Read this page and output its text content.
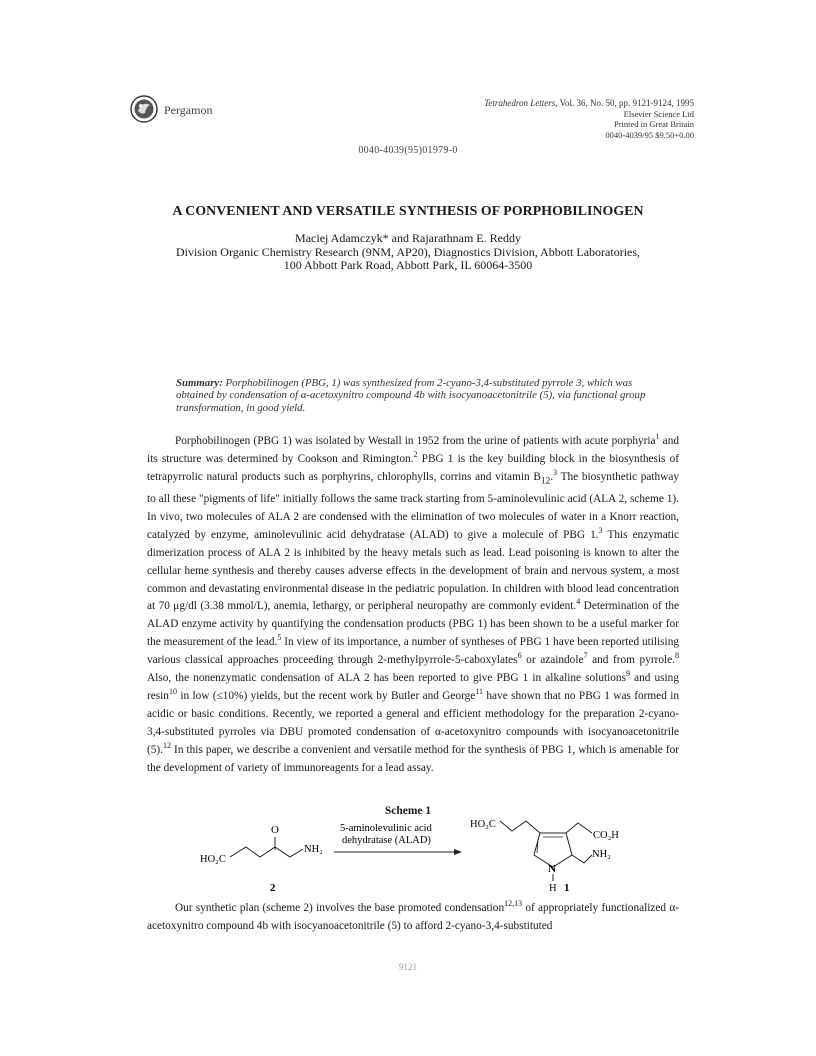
Pergamon	Tetrahedron Letters, Vol. 36, No. 50, pp. 9121-9124, 1995
Elsevier Science Ltd
Printed in Great Britain
0040-4039/95 $9.50+0.00
0040-4039(95)01979-0
A CONVENIENT AND VERSATILE SYNTHESIS OF PORPHOBILINOGEN
Maciej Adamczyk* and Rajarathnam E. Reddy
Division Organic Chemistry Research (9NM, AP20), Diagnostics Division, Abbott Laboratories,
100 Abbott Park Road, Abbott Park, IL 60064-3500
Summary: Porphobilinogen (PBG, 1) was synthesized from 2-cyano-3,4-substituted pyrrole 3, which was obtained by condensation of α-acetoxynitro compound 4b with isocyanoacetonitrile (5), via functional group transformation, in good yield.

Porphobilinogen (PBG 1) was isolated by Westall in 1952 from the urine of patients with acute porphyria$^1$ and its structure was determined by Cookson and Rimington.$^2$ PBG 1 is the key building block in the biosynthesis of tetrapyrrolic natural products such as porphyrins, chlorophylls, corrins and vitamin $B_{12}.^3$ The biosynthetic pathway to all these "pigments of life" initially follows the same track starting from 5-aminolevulinic acid (ALA 2, scheme 1). In vivo, two molecules of ALA 2 are condensed with the elimination of two molecules of water in a Knorr reaction, catalyzed by enzyme, aminolevulinic acid dehydratase (ALAD) to give a molecule of PBG 1.$^3$ This enzymatic dimerization process of ALA 2 is inhibited by the heavy metals such as lead. Lead poisoning is known to alter the cellular heme synthesis and thereby causes adverse effects in the development of brain and nervous system, a most common and devastating environmental disease in the pediatric population. In children with blood lead concentration at 70 μg/dl (3.38 mmol/L), anemia, lethargy, or peripheral neuropathy are commonly evident.$^4$ Determination of the ALAD enzyme activity by quantifying the condensation products (PBG 1) has been shown to be a useful marker for the measurement of the lead.$^5$ In view of its importance, a number of syntheses of PBG 1 have been reported utilising various classical approaches proceeding through 2-methylpyrrole-5-caboxylates$^6$ or azaindole$^7$ and from pyrrole.$^8$ Also, the nonenzymatic condensation of ALA 2 has been reported to give PBG 1 in alkaline solutions$^9$ and using resin$^{10}$ in low (≤10%) yields, but the recent work by Butler and George$^{11}$ have shown that no PBG 1 was formed in acidic or basic conditions. Recently, we reported a general and efficient methodology for the preparation 2-cyano-3,4-substituted pyrroles via DBU promoted condensation of α-acetoxynitro compounds with isocyanoacetonitrile (5).$^{12}$ In this paper, we describe a convenient and versatile method for the synthesis of PBG 1, which is amenable for the development of variety of immunoreagents for a lead assay.

Scheme 1
O
HO₂C
NH₂
2
5-aminolevulinic acid
dehydratase (ALAD)
HO₂C
CO₂H
NH₂
N
H 1

Our synthetic plan (scheme 2) involves the base promoted condensation$^{12,13}$ of appropriately functionalized α-acetoxynitro compound 4b with isocyanoacetonitrile (5) to afford 2-cyano-3,4-substituted

9121
